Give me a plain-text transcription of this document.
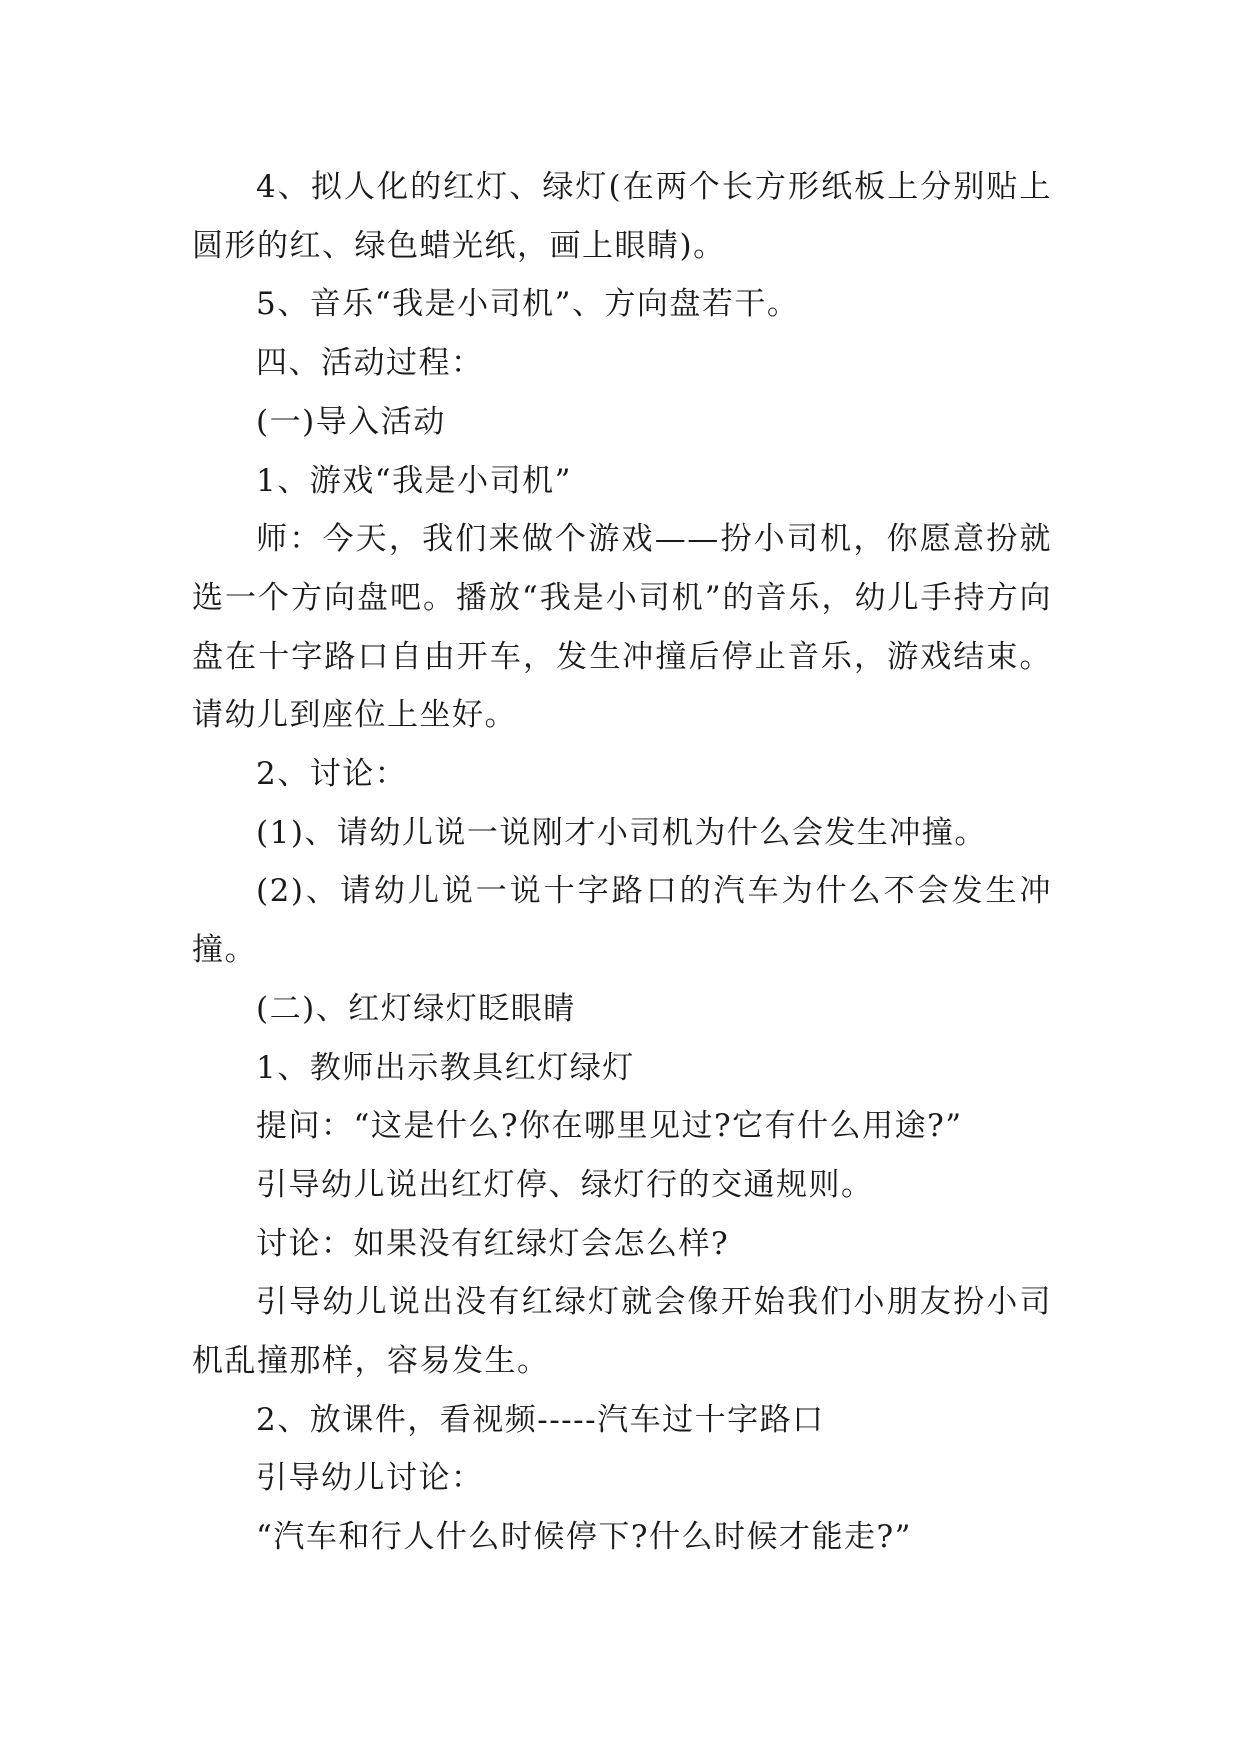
4、拟人化的红灯、绿灯(在两个长方形纸板上分别贴上圆形的红、绿色蜡光纸，画上眼睛)。

5、音乐“我是小司机”、方向盘若干。

四、活动过程：

(一)导入活动

1、游戏“我是小司机”

师：今天，我们来做个游戏——扮小司机，你愿意扮就选一个方向盘吧。播放“我是小司机”的音乐，幼儿手持方向盘在十字路口自由开车，发生冲撞后停止音乐，游戏结束。请幼儿到座位上坐好。

2、讨论：

(1)、请幼儿说一说刚才小司机为什么会发生冲撞。

(2)、请幼儿说一说十字路口的汽车为什么不会发生冲撞。

(二)、红灯绿灯眨眼睛

1、教师出示教具红灯绿灯

提问：“这是什么?你在哪里见过?它有什么用途?”

引导幼儿说出红灯停、绿灯行的交通规则。

讨论：如果没有红绿灯会怎么样?

引导幼儿说出没有红绿灯就会像开始我们小朋友扮小司机乱撞那样，容易发生。

2、放课件，看视频-----汽车过十字路口

引导幼儿讨论：

“汽车和行人什么时候停下?什么时候才能走?”
